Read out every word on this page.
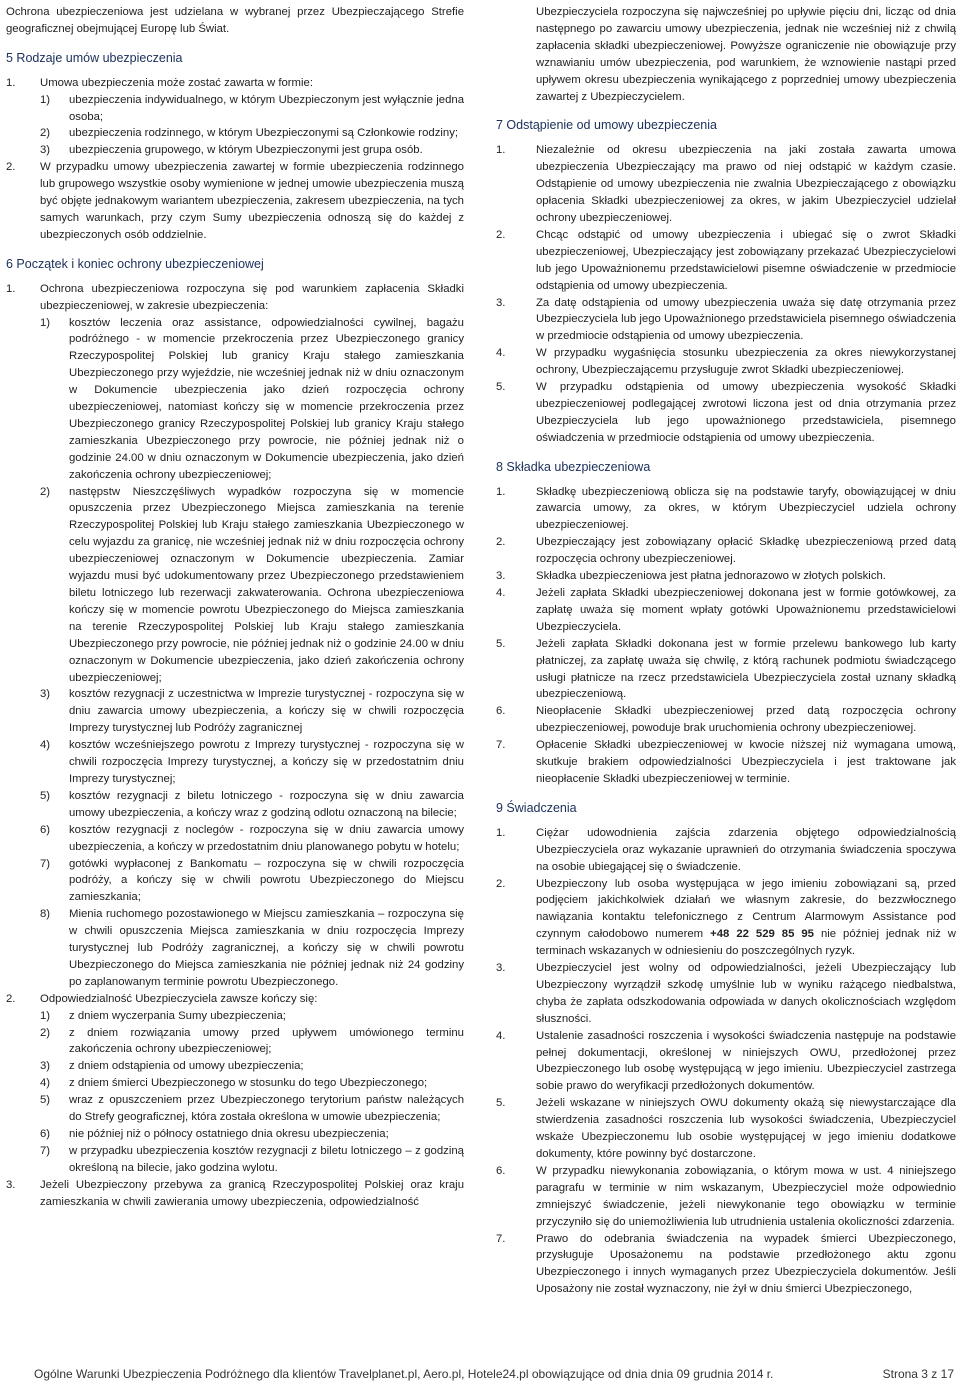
Ochrona ubezpieczeniowa jest udzielana w wybranej przez Ubezpieczającego Strefie geograficznej obejmującej Europę lub Świat.

5 Rodzaje umów ubezpieczenia

1. Umowa ubezpieczenia może zostać zawarta w formie:

1)	ubezpieczenia indywidualnego, w którym Ubezpieczonym jest wyłącznie jedna osoba;
2)	ubezpieczenia rodzinnego, w którym Ubezpieczonymi są Członkowie rodziny;
3)	ubezpieczenia grupowego, w którym Ubezpieczonymi jest grupa osób.
2.	W przypadku umowy ubezpieczenia zawartej w formie ubezpieczenia rodzinnego lub grupowego wszystkie osoby wymienione w jednej umowie ubezpieczenia muszą być objęte jednakowym wariantem ubezpieczenia, zakresem ubezpieczenia, na tych samych warunkach, przy czym Sumy ubezpieczenia odnoszą się do każdej z ubezpieczonych osób oddzielnie.

6 Początek i koniec ochrony ubezpieczeniowej

1.	Ochrona ubezpieczeniowa rozpoczyna się pod warunkiem zapłacenia Składki ubezpieczeniowej, w zakresie ubezpieczenia:
1)	kosztów leczenia oraz assistance, odpowiedzialności cywilnej, bagażu podróżnego - w momencie przekroczenia przez Ubezpieczonego granicy Rzeczypospolitej Polskiej lub granicy Kraju stałego zamieszkania Ubezpieczonego przy wyjeździe, nie wcześniej jednak niż w dniu oznaczonym w Dokumencie ubezpieczenia jako dzień rozpoczęcia ochrony ubezpieczeniowej, natomiast kończy się w momencie przekroczenia przez Ubezpieczonego granicy Rzeczypospolitej Polskiej lub granicy Kraju stałego zamieszkania Ubezpieczonego przy powrocie, nie później jednak niż o godzinie 24.00 w dniu oznaczonym w Dokumencie ubezpieczenia, jako dzień zakończenia ochrony ubezpieczeniowej;
2)	następstw Nieszczęśliwych wypadków rozpoczyna się w momencie opuszczenia przez Ubezpieczonego Miejsca zamieszkania na terenie Rzeczypospolitej Polskiej lub Kraju stałego zamieszkania Ubezpieczonego w celu wyjazdu za granicę, nie wcześniej jednak niż w dniu rozpoczęcia ochrony ubezpieczeniowej oznaczonym w Dokumencie ubezpieczenia. Zamiar wyjazdu musi być udokumentowany przez Ubezpieczonego przedstawieniem biletu lotniczego lub rezerwacji zakwaterowania. Ochrona ubezpieczeniowa kończy się w momencie powrotu Ubezpieczonego do Miejsca zamieszkania na terenie Rzeczypospolitej Polskiej lub Kraju stałego zamieszkania Ubezpieczonego przy powrocie, nie później jednak niż o godzinie 24.00 w dniu oznaczonym w Dokumencie ubezpieczenia, jako dzień zakończenia ochrony ubezpieczeniowej;
3)	kosztów rezygnacji z uczestnictwa w Imprezie turystycznej - rozpoczyna się w dniu zawarcia umowy ubezpieczenia, a kończy się w chwili rozpoczęcia Imprezy turystycznej lub Podróży zagranicznej
4)	kosztów wcześniejszego powrotu z Imprezy turystycznej - rozpoczyna się w chwili rozpoczęcia Imprezy turystycznej, a kończy się w przedostatnim dniu Imprezy turystycznej;
5)	kosztów rezygnacji z biletu lotniczego - rozpoczyna się w dniu zawarcia umowy ubezpieczenia, a kończy wraz z godziną odlotu oznaczoną na bilecie;
6)	kosztów rezygnacji z noclegów - rozpoczyna się w dniu zawarcia umowy ubezpieczenia, a kończy w przedostatnim dniu planowanego pobytu w hotelu;
7)	gotówki wypłaconej z Bankomatu – rozpoczyna się w chwili rozpoczęcia podróży, a kończy się w chwili powrotu Ubezpieczonego do Miejscu zamieszkania;
8)	Mienia ruchomego pozostawionego w Miejscu zamieszkania – rozpoczyna się w chwili opuszczenia Miejsca zamieszkania w dniu rozpoczęcia Imprezy turystycznej lub Podróży zagranicznej, a kończy się w chwili powrotu Ubezpieczonego do Miejsca zamieszkania nie później jednak niż 24 godziny po zaplanowanym terminie powrotu Ubezpieczonego.
2.	Odpowiedzialność Ubezpieczyciela zawsze kończy się:
1)	z dniem wyczerpania Sumy ubezpieczenia;
2)	z dniem rozwiązania umowy przed upływem umówionego terminu zakończenia ochrony ubezpieczeniowej;
3)	z dniem odstąpienia od umowy ubezpieczenia;
4)	z dniem śmierci Ubezpieczonego w stosunku do tego Ubezpieczonego;
5)	wraz z opuszczeniem przez Ubezpieczonego terytorium państw należących do Strefy geograficznej, która została określona w umowie ubezpieczenia;
6)	nie później niż o północy ostatniego dnia okresu ubezpieczenia;
7)	w przypadku ubezpieczenia kosztów rezygnacji z biletu lotniczego – z godziną określoną na bilecie, jako godzina wylotu.
3.	Jeżeli Ubezpieczony przebywa za granicą Rzeczypospolitej Polskiej oraz kraju zamieszkania w chwili zawierania umowy ubezpieczenia, odpowiedzialność

Ubezpieczyciela rozpoczyna się najwcześniej po upływie pięciu dni, licząc od dnia następnego po zawarciu umowy ubezpieczenia, jednak nie wcześniej niż z chwilą zapłacenia składki ubezpieczeniowej. Powyższe ograniczenie nie obowiązuje przy wznawianiu umów ubezpieczenia, pod warunkiem, że wznowienie nastąpi przed upływem okresu ubezpieczenia wynikającego z poprzedniej umowy ubezpieczenia zawartej z Ubezpieczycielem.

7 Odstąpienie od umowy ubezpieczenia

1.	Niezależnie od okresu ubezpieczenia na jaki została zawarta umowa ubezpieczenia Ubezpieczający ma prawo od niej odstąpić w każdym czasie. Odstąpienie od umowy ubezpieczenia nie zwalnia Ubezpieczającego z obowiązku opłacenia Składki ubezpieczeniowej za okres, w jakim Ubezpieczyciel udzielał ochrony ubezpieczeniowej.
2.	Chcąc odstąpić od umowy ubezpieczenia i ubiegać się o zwrot Składki ubezpieczeniowej, Ubezpieczający jest zobowiązany przekazać Ubezpieczycielowi lub jego Upoważnionemu przedstawicielowi pisemne oświadczenie w przedmiocie odstąpienia od umowy ubezpieczenia.
3.	Za datę odstąpienia od umowy ubezpieczenia uważa się datę otrzymania przez Ubezpieczyciela lub jego Upoważnionego przedstawiciela pisemnego oświadczenia w przedmiocie odstąpienia od umowy ubezpieczenia.
4.	W przypadku wygaśnięcia stosunku ubezpieczenia za okres niewykorzystanej ochrony, Ubezpieczającemu przysługuje zwrot Składki ubezpieczeniowej.
5.	W przypadku odstąpienia od umowy ubezpieczenia wysokość Składki ubezpieczeniowej podlegającej zwrotowi liczona jest od dnia otrzymania przez Ubezpieczyciela lub jego upoważnionego przedstawiciela, pisemnego oświadczenia w przedmiocie odstąpienia od umowy ubezpieczenia.

8 Składka ubezpieczeniowa

1.	Składkę ubezpieczeniową oblicza się na podstawie taryfy, obowiązującej w dniu zawarcia umowy, za okres, w którym Ubezpieczyciel udziela ochrony ubezpieczeniowej.
2.	Ubezpieczający jest zobowiązany opłacić Składkę ubezpieczeniową przed datą rozpoczęcia ochrony ubezpieczeniowej.
3.	Składka ubezpieczeniowa jest płatna jednorazowo w złotych polskich.
4.	Jeżeli zapłata Składki ubezpieczeniowej dokonana jest w formie gotówkowej, za zapłatę uważa się moment wpłaty gotówki Upoważnionemu przedstawicielowi Ubezpieczyciela.
5.	Jeżeli zapłata Składki dokonana jest w formie przelewu bankowego lub karty płatniczej, za zapłatę uważa się chwilę, z którą rachunek podmiotu świadczącego usługi płatnicze na rzecz przedstawiciela Ubezpieczyciela został uznany składką ubezpieczeniową.
6.	Nieopłacenie Składki ubezpieczeniowej przed datą rozpoczęcia ochrony ubezpieczeniowej, powoduje brak uruchomienia ochrony ubezpieczeniowej.
7.	Opłacenie Składki ubezpieczeniowej w kwocie niższej niż wymagana umową, skutkuje brakiem odpowiedzialności Ubezpieczyciela i jest traktowane jak nieopłacenie Składki ubezpieczeniowej w terminie.

9 Świadczenia

1.	Ciężar udowodnienia zajścia zdarzenia objętego odpowiedzialnością Ubezpieczyciela oraz wykazanie uprawnień do otrzymania świadczenia spoczywa na osobie ubiegającej się o świadczenie.
2.	Ubezpieczony lub osoba występująca w jego imieniu zobowiązani są, przed podjęciem jakichkolwiek działań we własnym zakresie, do bezzwłocznego nawiązania kontaktu telefonicznego z Centrum Alarmowym Assistance pod czynnym całodobowo numerem +48 22 529 85 95 nie później jednak niż w terminach wskazanych w odniesieniu do poszczególnych ryzyk.
3.	Ubezpieczyciel jest wolny od odpowiedzialności, jeżeli Ubezpieczający lub Ubezpieczony wyrządził szkodę umyślnie lub w wyniku rażącego niedbalstwa, chyba że zapłata odszkodowania odpowiada w danych okolicznościach względom słuszności.
4.	Ustalenie zasadności roszczenia i wysokości świadczenia następuje na podstawie pełnej dokumentacji, określonej w niniejszych OWU, przedłożonej przez Ubezpieczonego lub osobę występującą w jego imieniu. Ubezpieczyciel zastrzega sobie prawo do weryfikacji przedłożonych dokumentów.
5.	Jeżeli wskazane w niniejszych OWU dokumenty okażą się niewystarczające dla stwierdzenia zasadności roszczenia lub wysokości świadczenia, Ubezpieczyciel wskaże Ubezpieczonemu lub osobie występującej w jego imieniu dodatkowe dokumenty, które powinny być dostarczone.
6.	W przypadku niewykonania zobowiązania, o którym mowa w ust. 4 niniejszego paragrafu w terminie w nim wskazanym, Ubezpieczyciel może odpowiednio zmniejszyć świadczenie, jeżeli niewykonanie tego obowiązku w terminie przyczyniło się do uniemożliwienia lub utrudnienia ustalenia okoliczności zdarzenia.
7.	Prawo do odebrania świadczenia na wypadek śmierci Ubezpieczonego, przysługuje Uposażonemu na podstawie przedłożonego aktu zgonu Ubezpieczonego i innych wymaganych przez Ubezpieczyciela dokumentów. Jeśli Uposażony nie został wyznaczony, nie żył w dniu śmierci Ubezpieczonego,
Ogólne Warunki Ubezpieczenia Podróżnego dla klientów Travelplanet.pl, Aero.pl, Hotele24.pl obowiązujące od dnia dnia 09 grudnia 2014 r.	Strona 3 z 17
